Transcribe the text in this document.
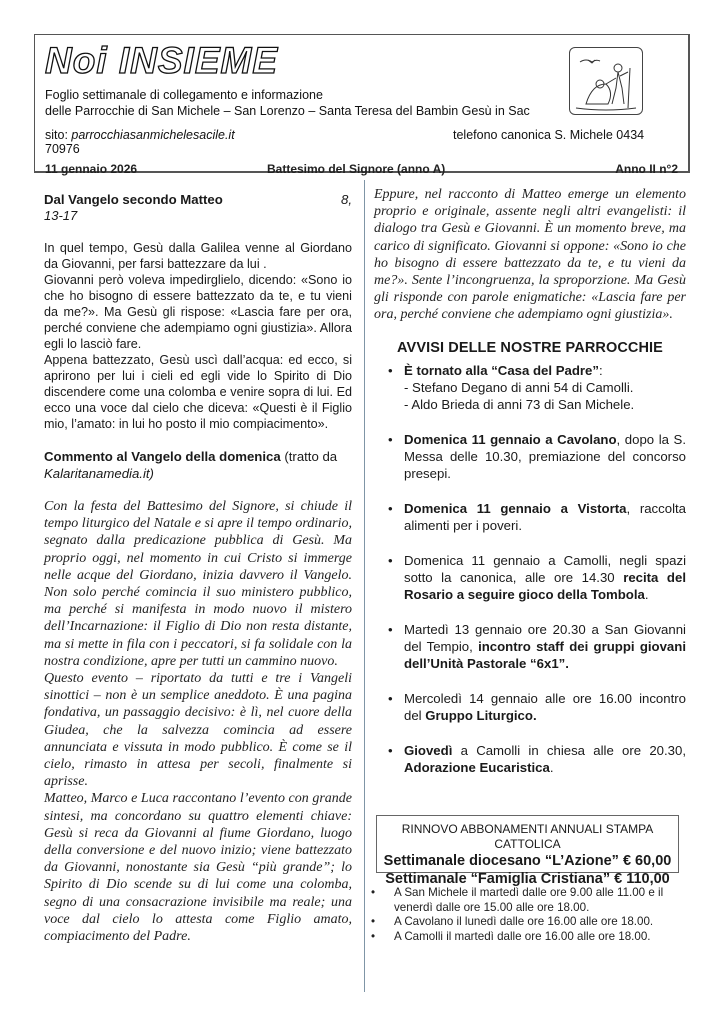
Noi INSIEME
Foglio settimanale di collegamento e informazione
delle Parrocchie di San Michele – San Lorenzo – Santa Teresa del Bambin Gesù in Sac
sito: parrocchiasanmichelesacile.it	telefono canonica S. Michele 0434
70976
11 gennaio 2026	Battesimo del Signore (anno A)	Anno II n°2
Dal Vangelo secondo Matteo	8,
13-17
In quel tempo, Gesù dalla Galilea venne al Giordano da Giovanni, per farsi battezzare da lui .
Giovanni però voleva impedirglielo, dicendo: «Sono io che ho bisogno di essere battezzato da te, e tu vieni da me?». Ma Gesù gli rispose: «Lascia fare per ora, perché conviene che adempiamo ogni giustizia». Allora egli lo lasciò fare.
Appena battezzato, Gesù uscì dall’acqua: ed ecco, si aprirono per lui i cieli ed egli vide lo Spirito di Dio discendere come una colomba e venire sopra di lui. Ed ecco una voce dal cielo che diceva: «Questi è il Figlio mio, l’amato: in lui ho posto il mio compiacimento».
Commento al Vangelo della domenica (tratto da Kalaritanamedia.it)
Con la festa del Battesimo del Signore, si chiude il tempo liturgico del Natale e si apre il tempo ordinario, segnato dalla predicazione pubblica di Gesù. Ma proprio oggi, nel momento in cui Cristo si immerge nelle acque del Giordano, inizia davvero il Vangelo. Non solo perché comincia il suo ministero pubblico, ma perché si manifesta in modo nuovo il mistero dell’Incarnazione: il Figlio di Dio non resta distante, ma si mette in fila con i peccatori, si fa solidale con la nostra condizione, apre per tutti un cammino nuovo.
Questo evento – riportato da tutti e tre i Vangeli sinottici – non è un semplice aneddoto. È una pagina fondativa, un passaggio decisivo: è lì, nel cuore della Giudea, che la salvezza comincia ad essere annunciata e vissuta in modo pubblico. È come se il cielo, rimasto in attesa per secoli, finalmente si aprisse.
Matteo, Marco e Luca raccontano l’evento con grande sintesi, ma concordano su quattro elementi chiave: Gesù si reca da Giovanni al fiume Giordano, luogo della conversione e del nuovo inizio; viene battezzato da Giovanni, nonostante sia Gesù “più grande”; lo Spirito di Dio scende su di lui come una colomba, segno di una consacrazione invisibile ma reale; una voce dal cielo lo attesta come Figlio amato, compiacimento del Padre.
Eppure, nel racconto di Matteo emerge un elemento proprio e originale, assente negli altri evangelisti: il dialogo tra Gesù e Giovanni. È un momento breve, ma carico di significato. Giovanni si oppone: «Sono io che ho bisogno di essere battezzato da te, e tu vieni da me?». Sente l’incongruenza, la sproporzione. Ma Gesù gli risponde con parole enigmatiche: «Lascia fare per ora, perché conviene che adempiamo ogni giustizia».
AVVISI DELLE NOSTRE PARROCCHIE
• È tornato alla “Casa del Padre”:
- Stefano Degano di anni 54 di Camolli.
- Aldo Brieda di anni 73 di San Michele.
• Domenica 11 gennaio a Cavolano, dopo la S. Messa delle 10.30, premiazione del concorso presepi.
• Domenica 11 gennaio a Vistorta, raccolta alimenti per i poveri.
• Domenica 11 gennaio a Camolli, negli spazi sotto la canonica, alle ore 14.30 recita del Rosario a seguire gioco della Tombola.
• Martedì 13 gennaio ore 20.30 a San Giovanni del Tempio, incontro staff dei gruppi giovani dell’Unità Pastorale “6x1”.
• Mercoledì 14 gennaio alle ore 16.00 incontro del Gruppo Liturgico.
• Giovedì a Camolli in chiesa alle ore 20.30, Adorazione Eucaristica.
RINNOVO ABBONAMENTI ANNUALI STAMPA CATTOLICA
Settimanale diocesano “L’Azione” € 60,00
Settimanale “Famiglia Cristiana” € 110,00
• A San Michele il martedì dalle ore 9.00 alle 11.00 e il venerdì dalle ore 15.00 alle ore 18.00.
• A Cavolano il lunedì dalle ore 16.00 alle ore 18.00.
• A Camolli il martedì dalle ore 16.00 alle ore 18.00.
